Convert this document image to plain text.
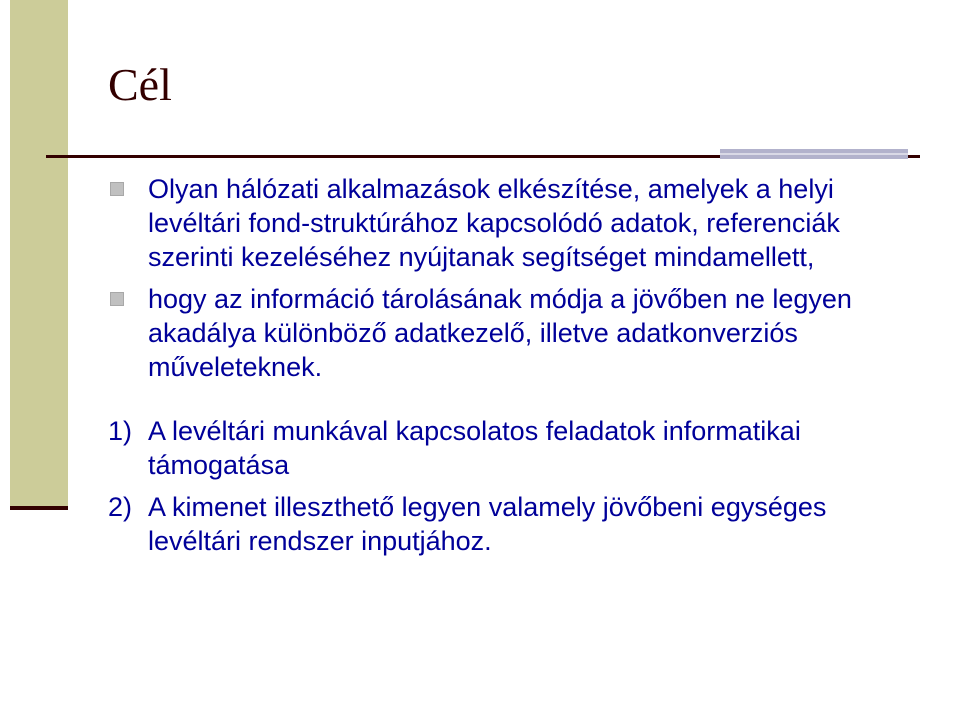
Cél
Olyan hálózati alkalmazások elkészítése, amelyek a helyi levéltári fond-struktúrához kapcsolódó adatok, referenciák szerinti kezeléséhez nyújtanak segítséget mindamellett,
hogy az információ tárolásának módja a jövőben ne legyen akadálya különböző adatkezelő, illetve adatkonverziós műveleteknek.
1) A levéltári munkával kapcsolatos feladatok informatikai támogatása
2) A kimenet illeszthető legyen valamely jövőbeni egységes levéltári rendszer inputjához.
